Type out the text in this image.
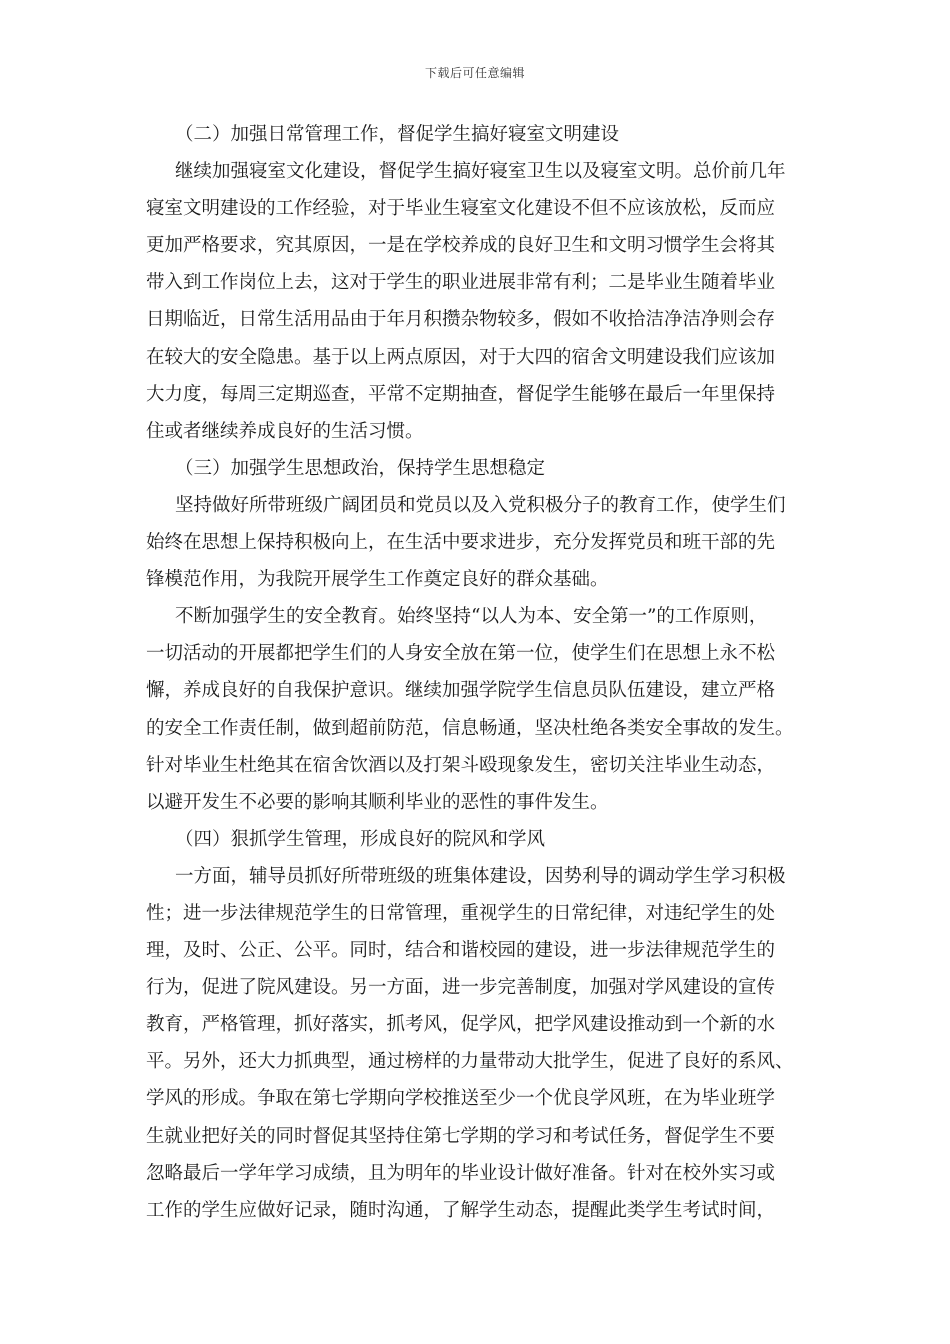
下载后可任意编辑
（二）加强日常管理工作，督促学生搞好寝室文明建设
继续加强寝室文化建设，督促学生搞好寝室卫生以及寝室文明。总价前几年
寝室文明建设的工作经验，对于毕业生寝室文化建设不但不应该放松，反而应
更加严格要求，究其原因，一是在学校养成的良好卫生和文明习惯学生会将其
带入到工作岗位上去，这对于学生的职业进展非常有利；二是毕业生随着毕业
日期临近，日常生活用品由于年月积攒杂物较多，假如不收拾洁净洁净则会存
在较大的安全隐患。基于以上两点原因，对于大四的宿舍文明建设我们应该加
大力度，每周三定期巡查，平常不定期抽查，督促学生能够在最后一年里保持
住或者继续养成良好的生活习惯。
（三）加强学生思想政治，保持学生思想稳定
坚持做好所带班级广阔团员和党员以及入党积极分子的教育工作，使学生们
始终在思想上保持积极向上，在生活中要求进步，充分发挥党员和班干部的先
锋模范作用，为我院开展学生工作奠定良好的群众基础。
不断加强学生的安全教育。始终坚持“以人为本、安全第一”的工作原则，
一切活动的开展都把学生们的人身安全放在第一位，使学生们在思想上永不松
懈，养成良好的自我保护意识。继续加强学院学生信息员队伍建设，建立严格
的安全工作责任制，做到超前防范，信息畅通，坚决杜绝各类安全事故的发生。
针对毕业生杜绝其在宿舍饮酒以及打架斗殴现象发生，密切关注毕业生动态，
以避开发生不必要的影响其顺利毕业的恶性的事件发生。
（四）狠抓学生管理，形成良好的院风和学风
一方面，辅导员抓好所带班级的班集体建设，因势利导的调动学生学习积极
性；进一步法律规范学生的日常管理，重视学生的日常纪律，对违纪学生的处
理，及时、公正、公平。同时，结合和谐校园的建设，进一步法律规范学生的
行为，促进了院风建设。另一方面，进一步完善制度，加强对学风建设的宣传
教育，严格管理，抓好落实，抓考风，促学风，把学风建设推动到一个新的水
平。另外，还大力抓典型，通过榜样的力量带动大批学生，促进了良好的系风、
学风的形成。争取在第七学期向学校推送至少一个优良学风班，在为毕业班学
生就业把好关的同时督促其坚持住第七学期的学习和考试任务，督促学生不要
忽略最后一学年学习成绩，且为明年的毕业设计做好准备。针对在校外实习或
工作的学生应做好记录，随时沟通，了解学生动态，提醒此类学生考试时间，
